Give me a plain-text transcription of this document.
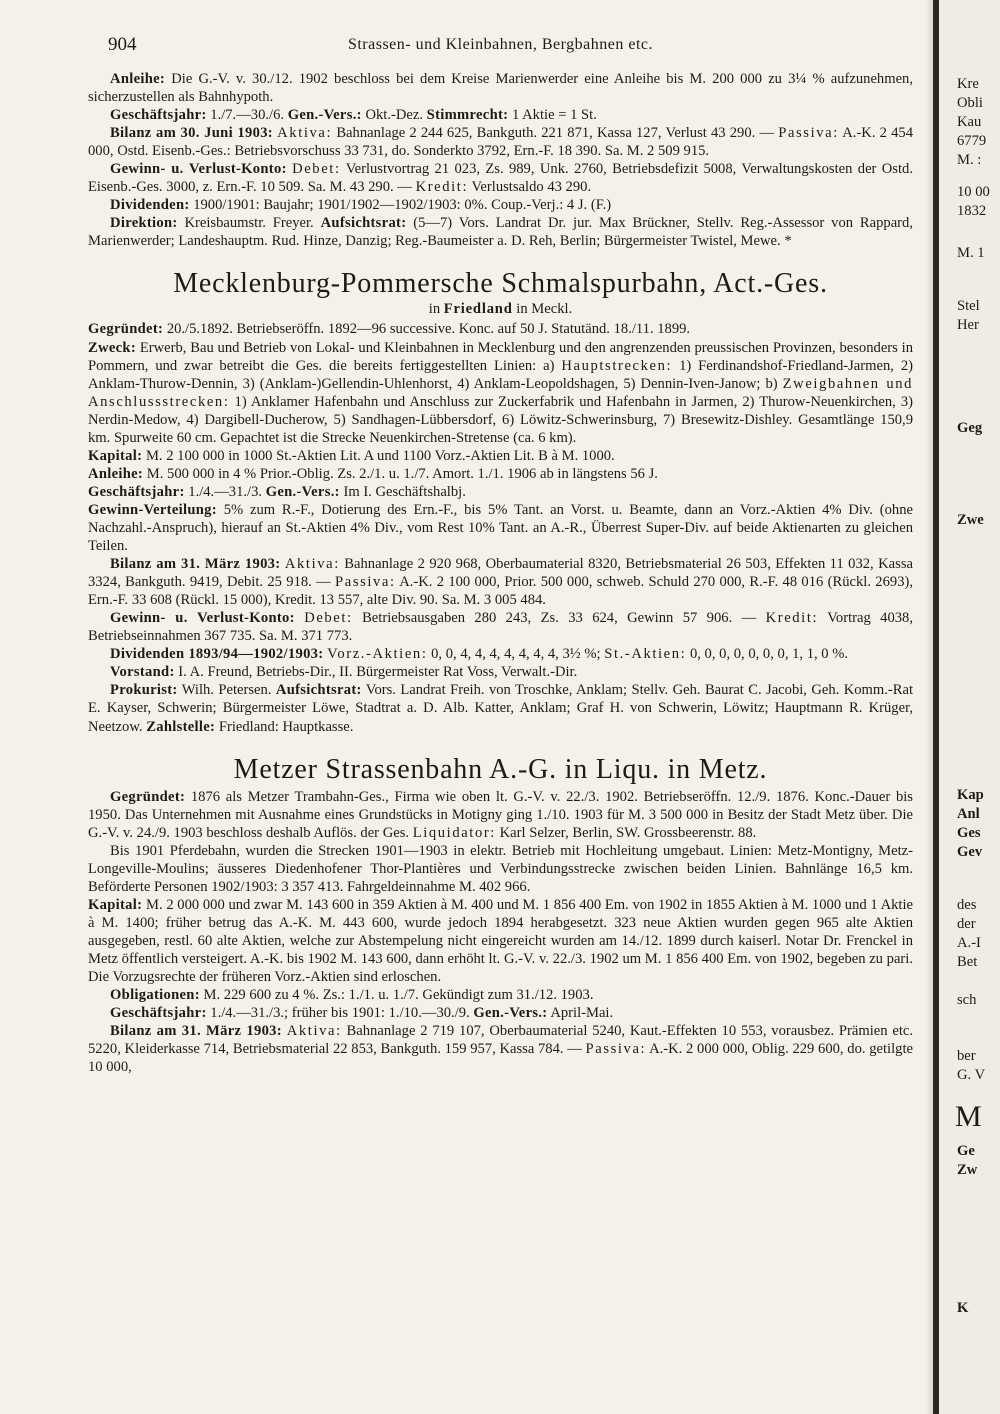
904	Strassen- und Kleinbahnen, Bergbahnen etc.

Anleihe: Die G.-V. v. 30./12. 1902 beschloss bei dem Kreise Marienwerder eine Anleihe bis M. 200 000 zu 3¼ % aufzunehmen, sicherzustellen als Bahnhypoth.

Geschäftsjahr: 1./7.—30./6. Gen.-Vers.: Okt.-Dez. Stimmrecht: 1 Aktie = 1 St.

Bilanz am 30. Juni 1903: Aktiva: Bahnanlage 2 244 625, Bankguth. 221 871, Kassa 127, Verlust 43 290. — Passiva: A.-K. 2 454 000, Ostd. Eisenb.-Ges.: Betriebsvorschuss 33 731, do. Sonderkto 3792, Ern.-F. 18 390. Sa. M. 2 509 915.

Gewinn- u. Verlust-Konto: Debet: Verlustvortrag 21 023, Zs. 989, Unk. 2760, Betriebsdefizit 5008, Verwaltungskosten der Ostd. Eisenb.-Ges. 3000, z. Ern.-F. 10 509. Sa. M. 43 290. — Kredit: Verlustsaldo 43 290.

Dividenden: 1900/1901: Baujahr; 1901/1902—1902/1903: 0%. Coup.-Verj.: 4 J. (F.)

Direktion: Kreisbaumstr. Freyer. Aufsichtsrat: (5—7) Vors. Landrat Dr. jur. Max Brückner, Stellv. Reg.-Assessor von Rappard, Marienwerder; Landeshauptm. Rud. Hinze, Danzig; Reg.-Baumeister a. D. Reh, Berlin; Bürgermeister Twistel, Mewe. *

Mecklenburg-Pommersche Schmalspurbahn, Act.-Ges.
in Friedland in Meckl.

Gegründet: 20./5.1892. Betriebseröffn. 1892—96 successive. Konc. auf 50 J. Statutänd. 18./11. 1899.

Zweck: Erwerb, Bau und Betrieb von Lokal- und Kleinbahnen in Mecklenburg und den angrenzenden preussischen Provinzen, besonders in Pommern, und zwar betreibt die Ges. die bereits fertiggestellten Linien: a) Hauptstrecken: 1) Ferdinandshof-Friedland-Jarmen, 2) Anklam-Thurow-Dennin, 3) (Anklam-)Gellendin-Uhlenhorst, 4) Anklam-Leopoldshagen, 5) Dennin-Iven-Janow; b) Zweigbahnen und Anschlussstrecken: 1) Anklamer Hafenbahn und Anschluss zur Zuckerfabrik und Hafenbahn in Jarmen, 2) Thurow-Neuenkirchen, 3) Nerdin-Medow, 4) Dargibell-Ducherow, 5) Sandhagen-Lübbersdorf, 6) Löwitz-Schwerinsburg, 7) Bresewitz-Dishley. Gesamtlänge 150,9 km. Spurweite 60 cm. Gepachtet ist die Strecke Neuenkirchen-Stretense (ca. 6 km).

Kapital: M. 2 100 000 in 1000 St.-Aktien Lit. A und 1100 Vorz.-Aktien Lit. B à M. 1000.

Anleihe: M. 500 000 in 4 % Prior.-Oblig. Zs. 2./1. u. 1./7. Amort. 1./1. 1906 ab in längstens 56 J.

Geschäftsjahr: 1./4.—31./3. Gen.-Vers.: Im I. Geschäftshalbj.

Gewinn-Verteilung: 5% zum R.-F., Dotierung des Ern.-F., bis 5% Tant. an Vorst. u. Beamte, dann an Vorz.-Aktien 4% Div. (ohne Nachzahl.-Anspruch), hierauf an St.-Aktien 4% Div., vom Rest 10% Tant. an A.-R., Überrest Super-Div. auf beide Aktienarten zu gleichen Teilen.

Bilanz am 31. März 1903: Aktiva: Bahnanlage 2 920 968, Oberbaumaterial 8320, Betriebsmaterial 26 503, Effekten 11 032, Kassa 3324, Bankguth. 9419, Debit. 25 918. — Passiva: A.-K. 2 100 000, Prior. 500 000, schweb. Schuld 270 000, R.-F. 48 016 (Rückl. 2693), Ern.-F. 33 608 (Rückl. 15 000), Kredit. 13 557, alte Div. 90. Sa. M. 3 005 484.

Gewinn- u. Verlust-Konto: Debet: Betriebsausgaben 280 243, Zs. 33 624, Gewinn 57 906. — Kredit: Vortrag 4038, Betriebseinnahmen 367 735. Sa. M. 371 773.

Dividenden 1893/94—1902/1903: Vorz.-Aktien: 0, 0, 4, 4, 4, 4, 4, 4, 4, 3½ %; St.-Aktien: 0, 0, 0, 0, 0, 0, 0, 1, 1, 0 %.

Vorstand: I. A. Freund, Betriebs-Dir., II. Bürgermeister Rat Voss, Verwalt.-Dir.

Prokurist: Wilh. Petersen. Aufsichtsrat: Vors. Landrat Freih. von Troschke, Anklam; Stellv. Geh. Baurat C. Jacobi, Geh. Komm.-Rat E. Kayser, Schwerin; Bürgermeister Löwe, Stadtrat a. D. Alb. Katter, Anklam; Graf H. von Schwerin, Löwitz; Hauptmann R. Krüger, Neetzow. Zahlstelle: Friedland: Hauptkasse.

Metzer Strassenbahn A.-G. in Liqu. in Metz.

Gegründet: 1876 als Metzer Trambahn-Ges., Firma wie oben lt. G.-V. v. 22./3. 1902. Betriebseröffn. 12./9. 1876. Konc.-Dauer bis 1950. Das Unternehmen mit Ausnahme eines Grundstücks in Motigny ging 1./10. 1903 für M. 3 500 000 in Besitz der Stadt Metz über. Die G.-V. v. 24./9. 1903 beschloss deshalb Auflös. der Ges. Liquidator: Karl Selzer, Berlin, SW. Grossbeerenstr. 88.

Bis 1901 Pferdebahn, wurden die Strecken 1901—1903 in elektr. Betrieb mit Hochleitung umgebaut. Linien: Metz-Montigny, Metz-Longeville-Moulins; äusseres Diedenhofener Thor-Plantières und Verbindungsstrecke zwischen beiden Linien. Bahnlänge 16,5 km. Beförderte Personen 1902/1903: 3 357 413. Fahrgeldeinnahme M. 402 966.

Kapital: M. 2 000 000 und zwar M. 143 600 in 359 Aktien à M. 400 und M. 1 856 400 Em. von 1902 in 1855 Aktien à M. 1000 und 1 Aktie à M. 1400; früher betrug das A.-K. M. 443 600, wurde jedoch 1894 herabgesetzt. 323 neue Aktien wurden gegen 965 alte Aktien ausgegeben, restl. 60 alte Aktien, welche zur Abstempelung nicht eingereicht wurden am 14./12. 1899 durch kaiserl. Notar Dr. Frenckel in Metz öffentlich versteigert. A.-K. bis 1902 M. 143 600, dann erhöht lt. G.-V. v. 22./3. 1902 um M. 1 856 400 Em. von 1902, begeben zu pari. Die Vorzugsrechte der früheren Vorz.-Aktien sind erloschen.

Obligationen: M. 229 600 zu 4 %. Zs.: 1./1. u. 1./7. Gekündigt zum 31./12. 1903.

Geschäftsjahr: 1./4.—31./3.; früher bis 1901: 1./10.—30./9. Gen.-Vers.: April-Mai.

Bilanz am 31. März 1903: Aktiva: Bahnanlage 2 719 107, Oberbaumaterial 5240, Kaut.-Effekten 10 553, vorausbez. Prämien etc. 5220, Kleiderkasse 714, Betriebsmaterial 22 853, Bankguth. 159 957, Kassa 784. — Passiva: A.-K. 2 000 000, Oblig. 229 600, do. getilgte 10 000,

Kre
Obli
Kau
6779
M. :
10 00
1832
M. 1
Stel
Her
Geg
Zwe
Kap
Anl
Ges
Gev
des
der
A.-I
Bet
sch
ber
G. V
M
Ge
Zw
K
